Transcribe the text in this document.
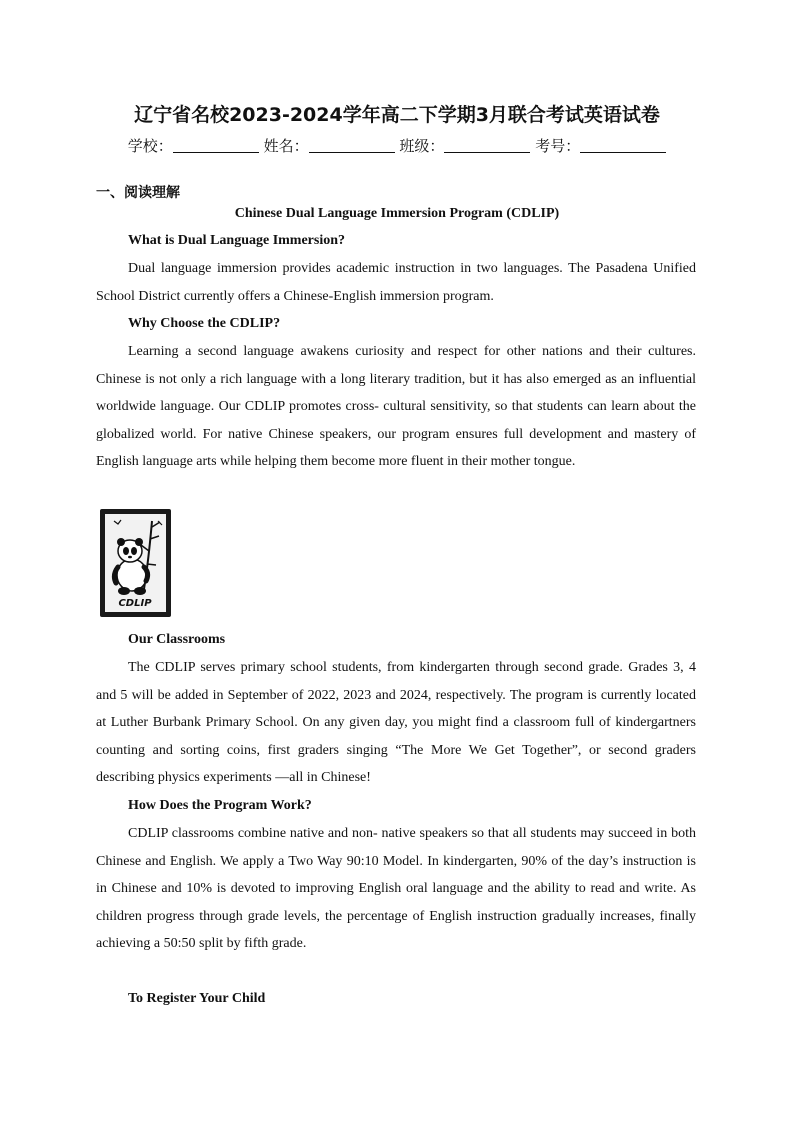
辽宁省名校2023-2024学年高二下学期3月联合考试英语试卷
学校：	姓名：	班级：	考号：
一、阅读理解
Chinese Dual Language Immersion Program (CDLIP)
What is Dual Language Immersion?
Dual language immersion provides academic instruction in two languages. The Pasadena Unified School District currently offers a Chinese-English immersion program.
Why Choose the CDLIP?
Learning a second language awakens curiosity and respect for other nations and their cultures. Chinese is not only a rich language with a long literary tradition, but it has also emerged as an influential worldwide language. Our CDLIP promotes cross- cultural sensitivity, so that students can learn about the globalized world. For native Chinese speakers, our program ensures full development and mastery of English language arts while helping them become more fluent in their mother tongue.
CDLIP
Our Classrooms
The CDLIP serves primary school students, from kindergarten through second grade. Grades 3, 4 and 5 will be added in September of 2022, 2023 and 2024, respectively. The program is currently located at Luther Burbank Primary School. On any given day, you might find a classroom full of kindergartners counting and sorting coins, first graders singing “The More We Get Together”, or second graders describing physics experiments —all in Chinese!
How Does the Program Work?
CDLIP classrooms combine native and non- native speakers so that all students may succeed in both Chinese and English. We apply a Two Way 90:10 Model. In kindergarten, 90% of the day’s instruction is in Chinese and 10% is devoted to improving English oral language and the ability to read and write. As children progress through grade levels, the percentage of English instruction gradually increases, finally achieving a 50:50 split by fifth grade.
To Register Your Child
